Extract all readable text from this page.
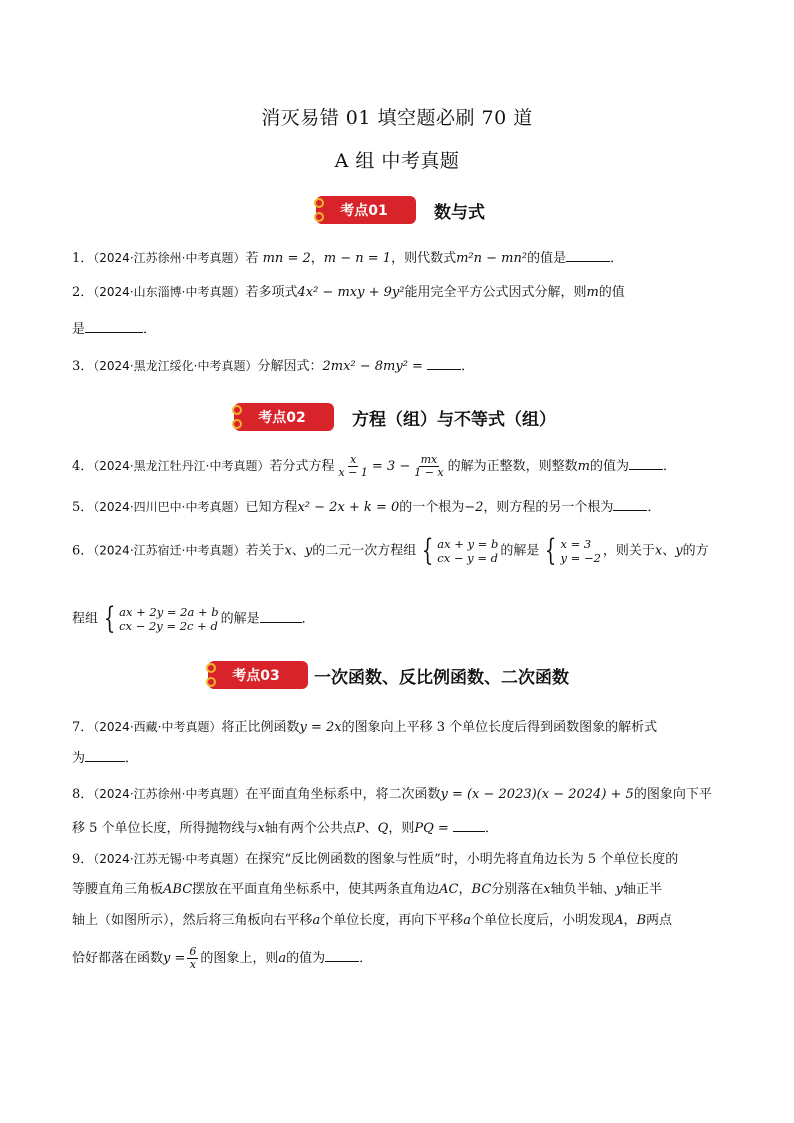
消灭易错 01 填空题必刷 70 道
A 组 中考真题
考点01	数与式
1．（2024·江苏徐州·中考真题）若 mn = 2，m − n = 1，则代数式m²n − mn²的值是	．
2．（2024·山东淄博·中考真题）若多项式4x² − mxy + 9y²能用完全平方公式因式分解，则m的值
是	．
3．（2024·黑龙江绥化·中考真题）分解因式：2mx² − 8my² =	．
考点02	方程（组）与不等式（组）
4．（2024·黑龙江牡丹江·中考真题）若分式方程 $\frac{x}{x - 1} = 3 - \frac{mx}{1 - x}$ 的解为正整数，则整数m的值为	．
5．（2024·四川巴中·中考真题）已知方程x² − 2x + k = 0的一个根为−2，则方程的另一个根为	．
6．（2024·江苏宿迁·中考真题）若关于x、y的二元一次方程组 { ax + y = b
cx − y = d 的解是 { x = 3
y = −2 ，则关于x、y的方
程组 { ax + 2y = 2a + b
cx − 2y = 2c + d 的解是	．
考点03	一次函数、反比例函数、二次函数
7．（2024·西藏·中考真题）将正比例函数y = 2x的图象向上平移 3 个单位长度后得到函数图象的解析式
为	．
8．（2024·江苏徐州·中考真题）在平面直角坐标系中，将二次函数y = (x − 2023)(x − 2024) + 5的图象向下平
移 5 个单位长度，所得抛物线与x轴有两个公共点P、Q，则PQ =	．
9．（2024·江苏无锡·中考真题）在探究“反比例函数的图象与性质”时，小明先将直角边长为 5 个单位长度的
等腰直角三角板ABC摆放在平面直角坐标系中，使其两条直角边AC，BC分别落在x轴负半轴、y轴正半
轴上（如图所示），然后将三角板向右平移a个单位长度，再向下平移a个单位长度后，小明发现A，B两点
恰好都落在函数$y = \frac{6}{x}$ 的图象上，则a的值为	．
